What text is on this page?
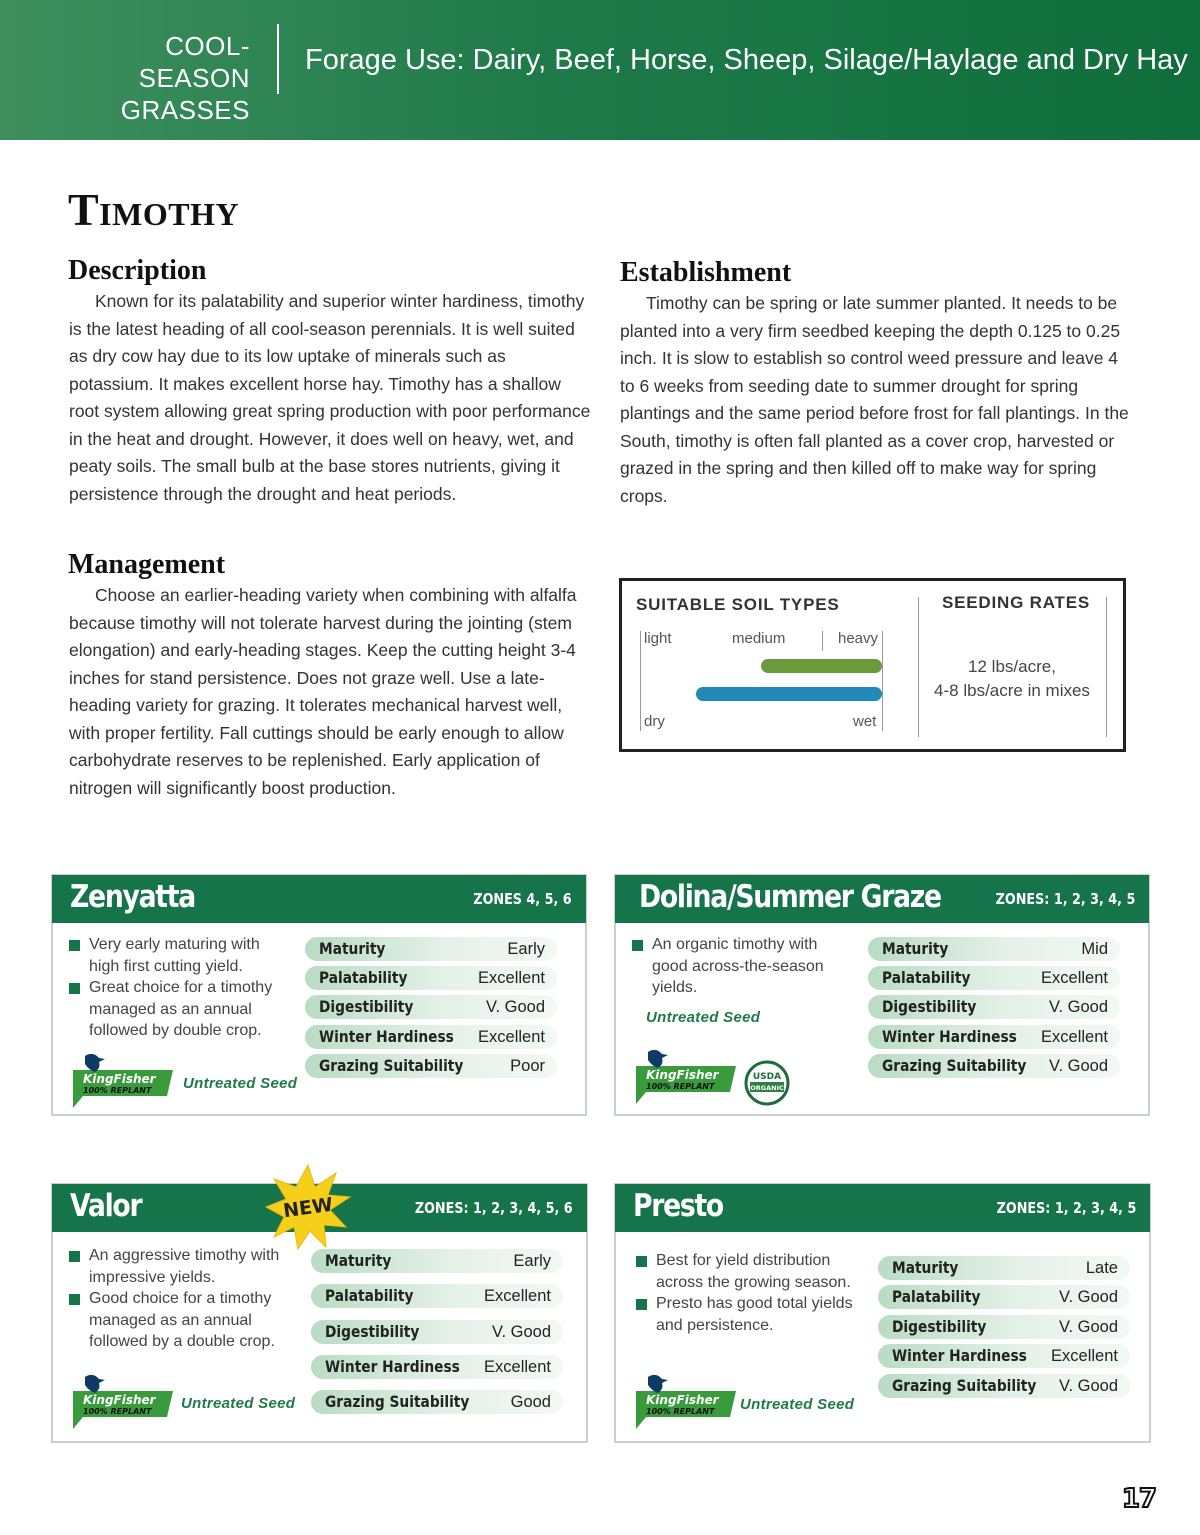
COOL-SEASON
GRASSES
Forage Use: Dairy, Beef, Horse, Sheep, Silage/Haylage and Dry Hay
Timothy
Description

Known for its palatability and superior winter hardiness, timothy is the latest heading of all cool-season perennials. It is well suited as dry cow hay due to its low uptake of minerals such as potassium. It makes excellent horse hay. Timothy has a shallow root system allowing great spring production with poor performance in the heat and drought. However, it does well on heavy, wet, and peaty soils. The small bulb at the base stores nutrients, giving it persistence through the drought and heat periods.

Management

Choose an earlier-heading variety when combining with alfalfa because timothy will not tolerate harvest during the jointing (stem elongation) and early-heading stages. Keep the cutting height 3-4 inches for stand persistence. Does not graze well. Use a late-heading variety for grazing. It tolerates mechanical harvest well, with proper fertility. Fall cuttings should be early enough to allow carbohydrate reserves to be replenished. Early application of nitrogen will significantly boost production.

Establishment

Timothy can be spring or late summer planted. It needs to be planted into a very firm seedbed keeping the depth 0.125 to 0.25 inch. It is slow to establish so control weed pressure and leave 4 to 6 weeks from seeding date to summer drought for spring plantings and the same period before frost for fall plantings. In the South, timothy is often fall planted as a cover crop, harvested or grazed in the spring and then killed off to make way for spring crops.

SUITABLE SOIL TYPES	SEEDING RATES
light	medium	heavy
dry	wet
12 lbs/acre,
4-8 lbs/acre in mixes
Zenyatta	ZONES 4, 5, 6
Very early maturing with high first cutting yield.
Great choice for a timothy managed as an annual followed by double crop.
Maturity	Early
Palatability	Excellent
Digestibility	V. Good
Winter Hardiness Excellent
Grazing Suitability	Poor
KingFisher
100% REPLANT Untreated Seed
Dolina/Summer Graze	ZONES: 1, 2, 3, 4, 5
An organic timothy with good across-the-season yields.
Untreated Seed
Maturity	Mid
Palatability	Excellent
Digestibility	V. Good
Winter Hardiness Excellent
Grazing Suitability V. Good
KingFisher
100% REPLANT
USDA
ORGANIC
Valor	ZONES: 1, 2, 3, 4, 5, 6
An aggressive timothy with impressive yields.
Good choice for a timothy managed as an annual followed by a double crop.
Maturity	Early
Palatability	Excellent
Digestibility	V. Good
Winter Hardiness Excellent
Grazing Suitability	Good
KingFisher
100% REPLANT Untreated Seed
NEW	Presto	ZONES: 1, 2, 3, 4, 5
Best for yield distribution across the growing season.
Presto has good total yields and persistence.
Maturity	Late
Palatability	V. Good
Digestibility	V. Good
Winter Hardiness Excellent
Grazing Suitability V. Good
KingFisher
100% REPLANT Untreated Seed
17
